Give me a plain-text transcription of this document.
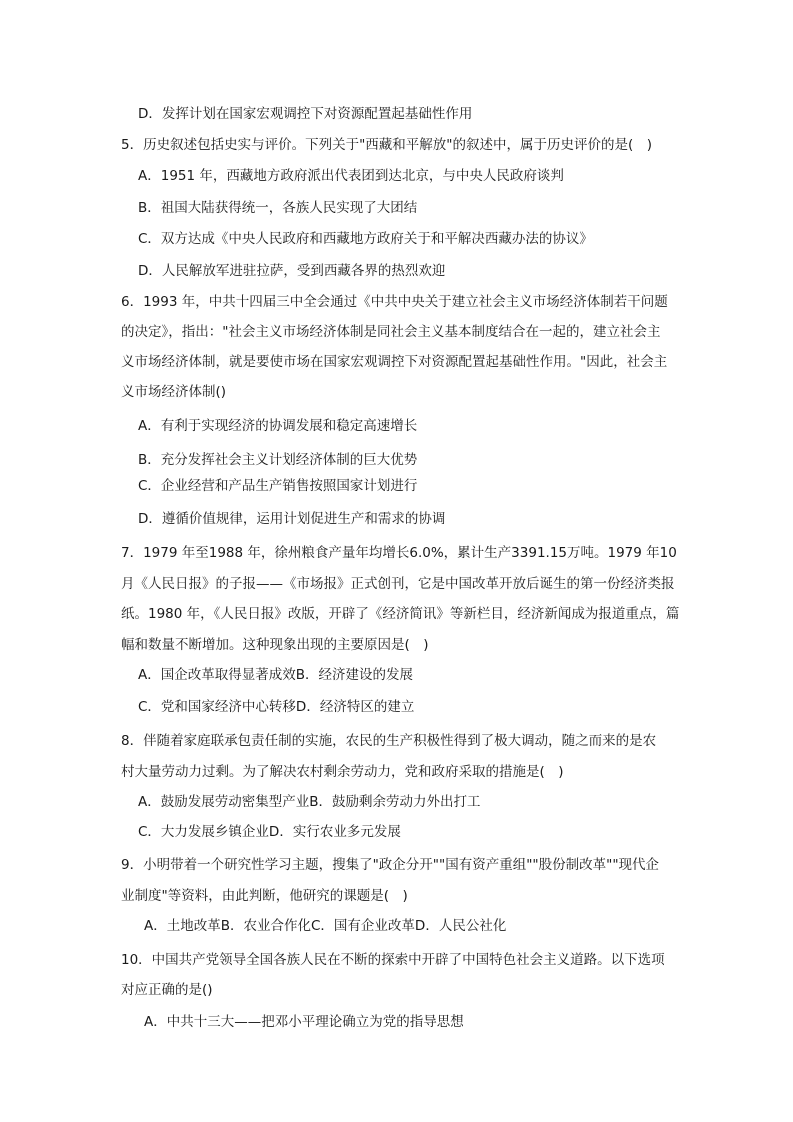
D．发挥计划在国家宏观调控下对资源配置起基础性作用
5．历史叙述包括史实与评价。下列关于"西藏和平解放"的叙述中，属于历史评价的是(　)
A．1951 年，西藏地方政府派出代表团到达北京，与中央人民政府谈判
B．祖国大陆获得统一，各族人民实现了大团结
C．双方达成《中央人民政府和西藏地方政府关于和平解决西藏办法的协议》
D．人民解放军进驻拉萨，受到西藏各界的热烈欢迎
6．1993 年，中共十四届三中全会通过《中共中央关于建立社会主义市场经济体制若干问题
的决定》，指出："社会主义市场经济体制是同社会主义基本制度结合在一起的，建立社会主
义市场经济体制，就是要使市场在国家宏观调控下对资源配置起基础性作用。"因此，社会主
义市场经济体制()
A．有利于实现经济的协调发展和稳定高速增长
B．充分发挥社会主义计划经济体制的巨大优势
C．企业经营和产品生产销售按照国家计划进行
D．遵循价值规律，运用计划促进生产和需求的协调
7．1979 年至1988 年，徐州粮食产量年均增长6.0%，累计生产3391.15万吨。1979 年10
月《人民日报》的子报——《市场报》正式创刊，它是中国改革开放后诞生的第一份经济类报
纸。1980 年，《人民日报》改版，开辟了《经济简讯》等新栏目，经济新闻成为报道重点，篇
幅和数量不断增加。这种现象出现的主要原因是(　)
A．国企改革取得显著成效B．经济建设的发展
C．党和国家经济中心转移D．经济特区的建立
8．伴随着家庭联承包责任制的实施，农民的生产积极性得到了极大调动，随之而来的是农
村大量劳动力过剩。为了解决农村剩余劳动力，党和政府采取的措施是(　)
A．鼓励发展劳动密集型产业B．鼓励剩余劳动力外出打工
C．大力发展乡镇企业D．实行农业多元发展
9．小明带着一个研究性学习主题，搜集了"政企分开""国有资产重组""股份制改革""现代企
业制度"等资料，由此判断，他研究的课题是(　)
A．土地改革B．农业合作化C．国有企业改革D．人民公社化
10．中国共产党领导全国各族人民在不断的探索中开辟了中国特色社会主义道路。以下选项
对应正确的是()
A．中共十三大——把邓小平理论确立为党的指导思想
